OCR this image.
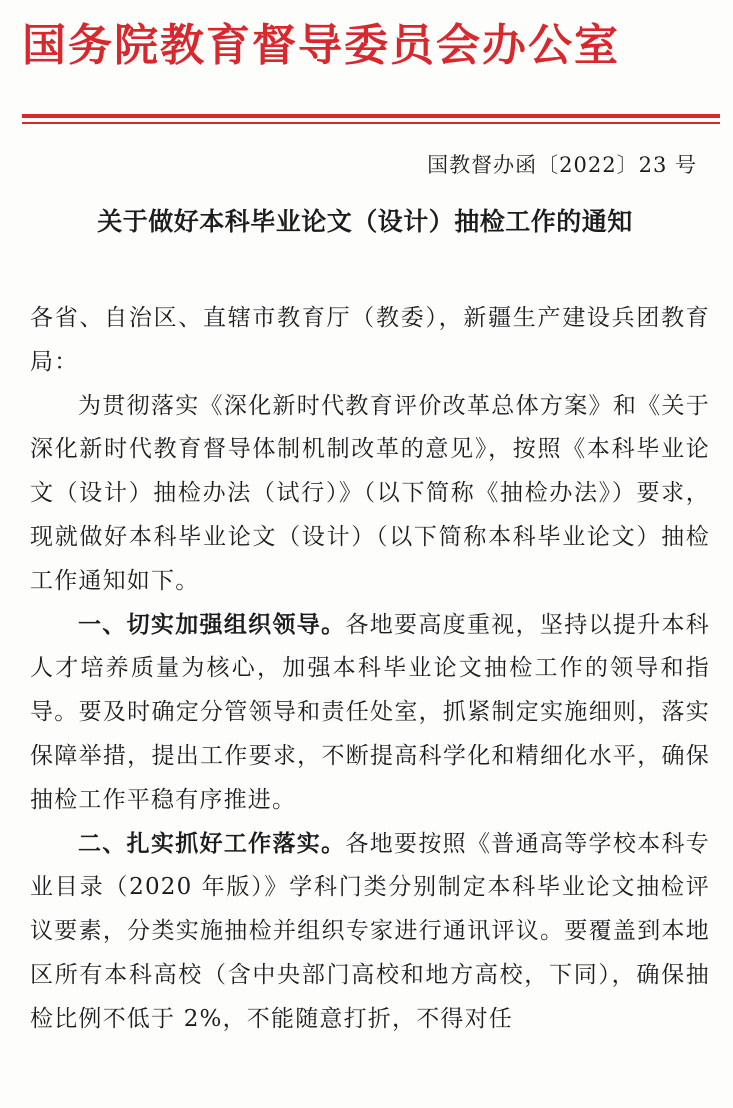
国务院教育督导委员会办公室
国教督办函〔2022〕23 号
关于做好本科毕业论文（设计）抽检工作的通知

各省、自治区、直辖市教育厅（教委），新疆生产建设兵团教育局：

为贯彻落实《深化新时代教育评价改革总体方案》和《关于深化新时代教育督导体制机制改革的意见》，按照《本科毕业论文（设计）抽检办法（试行）》（以下简称《抽检办法》）要求，现就做好本科毕业论文（设计）（以下简称本科毕业论文）抽检工作通知如下。

一、切实加强组织领导。各地要高度重视，坚持以提升本科人才培养质量为核心，加强本科毕业论文抽检工作的领导和指导。要及时确定分管领导和责任处室，抓紧制定实施细则，落实保障举措，提出工作要求，不断提高科学化和精细化水平，确保抽检工作平稳有序推进。

二、扎实抓好工作落实。各地要按照《普通高等学校本科专业目录（2020 年版）》学科门类分别制定本科毕业论文抽检评议要素，分类实施抽检并组织专家进行通讯评议。要覆盖到本地区所有本科高校（含中央部门高校和地方高校，下同），确保抽检比例不低于 2%，不能随意打折，不得对任
